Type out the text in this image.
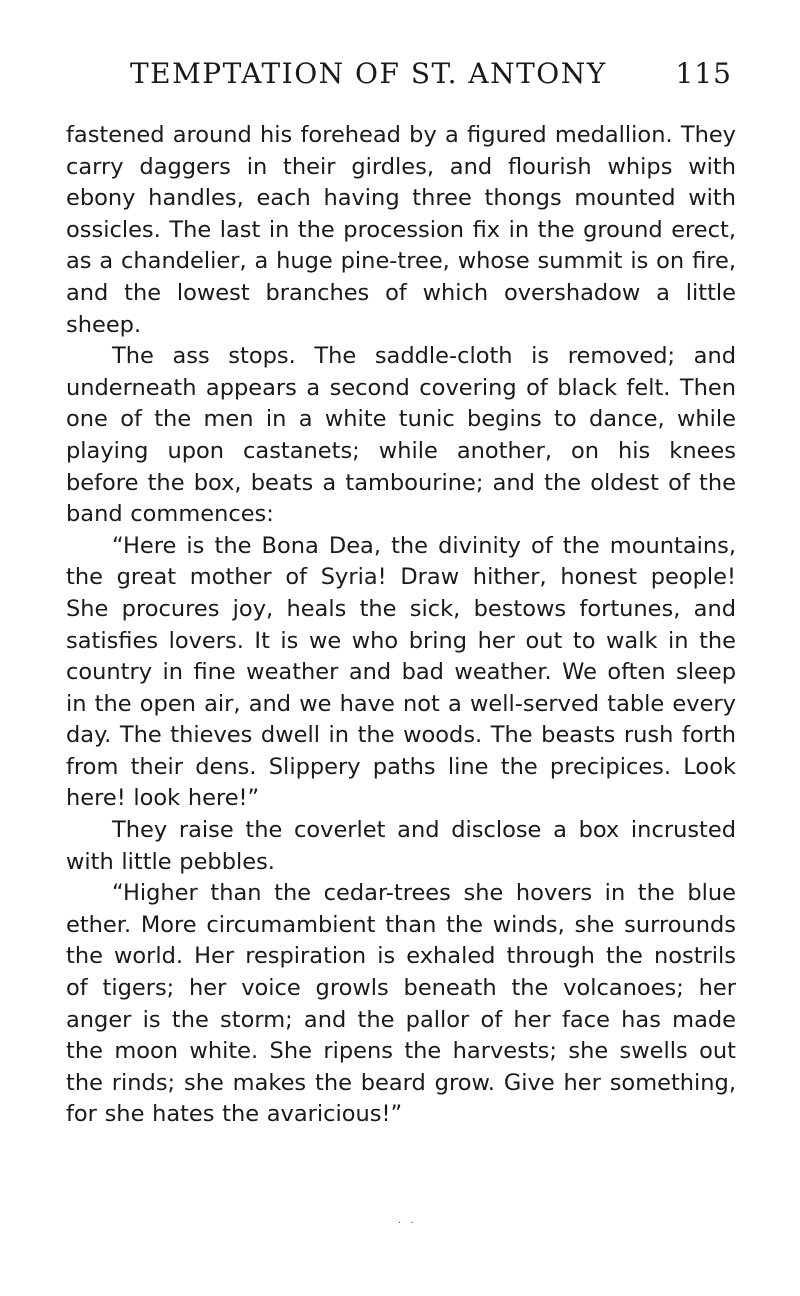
TEMPTATION OF ST. ANTONY 115

fastened around his forehead by a figured medallion. They carry daggers in their girdles, and flourish whips with ebony handles, each having three thongs mounted with ossicles. The last in the procession fix in the ground erect, as a chandelier, a huge pine-tree, whose summit is on fire, and the lowest branches of which overshadow a little sheep.

The ass stops. The saddle-cloth is removed; and underneath appears a second covering of black felt. Then one of the men in a white tunic begins to dance, while playing upon castanets; while another, on his knees before the box, beats a tambourine; and the oldest of the band commences:

“Here is the Bona Dea, the divinity of the mountains, the great mother of Syria! Draw hither, honest people! She procures joy, heals the sick, bestows fortunes, and satisfies lovers. It is we who bring her out to walk in the country in fine weather and bad weather. We often sleep in the open air, and we have not a well-served table every day. The thieves dwell in the woods. The beasts rush forth from their dens. Slippery paths line the precipices. Look here! look here!”

They raise the coverlet and disclose a box incrusted with little pebbles.

“Higher than the cedar-trees she hovers in the blue ether. More circumambient than the winds, she surrounds the world. Her respiration is exhaled through the nostrils of tigers; her voice growls beneath the volcanoes; her anger is the storm; and the pallor of her face has made the moon white. She ripens the harvests; she swells out the rinds; she makes the beard grow. Give her something, for she hates the avaricious!”

· ·
